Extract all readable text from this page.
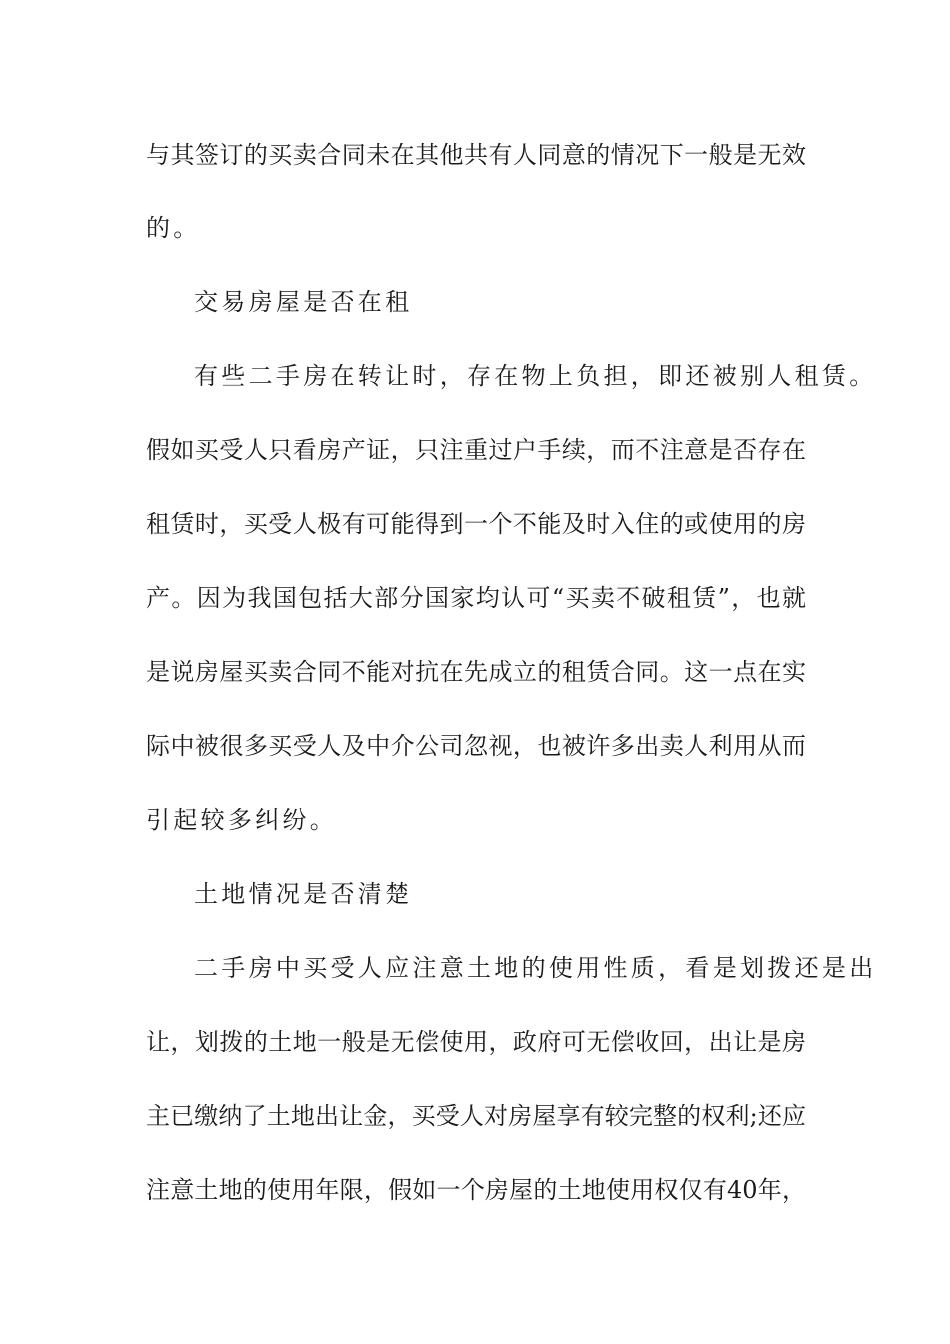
与其签订的买卖合同未在其他共有人同意的情况下一般是无效
的。
交易房屋是否在租
有些二手房在转让时，存在物上负担，即还被别人租赁。
假如买受人只看房产证，只注重过户手续，而不注意是否存在
租赁时，买受人极有可能得到一个不能及时入住的或使用的房
产。因为我国包括大部分国家均认可“买卖不破租赁”，也就
是说房屋买卖合同不能对抗在先成立的租赁合同。这一点在实
际中被很多买受人及中介公司忽视，也被许多出卖人利用从而
引起较多纠纷。
土地情况是否清楚
二手房中买受人应注意土地的使用性质，看是划拨还是出
让，划拨的土地一般是无偿使用，政府可无偿收回，出让是房
主已缴纳了土地出让金，买受人对房屋享有较完整的权利;还应
注意土地的使用年限，假如一个房屋的土地使用权仅有40年，
